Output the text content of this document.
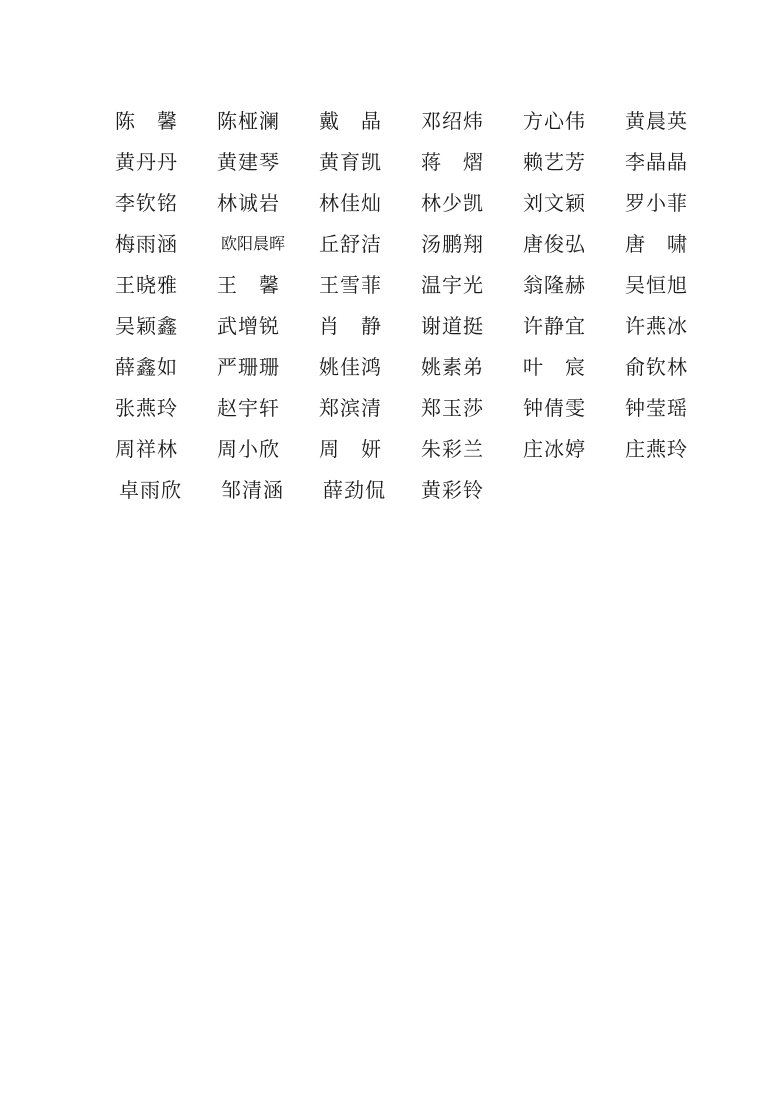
陈　馨	陈桠澜	戴　晶	邓绍炜	方心伟	黄晨英
黄丹丹	黄建琴	黄育凯	蒋　熠	赖艺芳	李晶晶
李钦铭	林诚岩	林佳灿	林少凯	刘文颖	罗小菲
梅雨涵	欧阳晨晖	丘舒洁	汤鹏翔	唐俊弘	唐　啸
王晓雅	王　馨	王雪菲	温宇光	翁隆赫	吴恒旭
吴颖鑫	武增锐	肖　静	谢道挺	许静宜	许燕冰
薛鑫如	严珊珊	姚佳鸿	姚素弟	叶　宸	俞钦林
张燕玲	赵宇轩	郑滨清	郑玉莎	钟倩雯	钟莹瑶
周祥林	周小欣	周　妍	朱彩兰	庄冰婷	庄燕玲
卓雨欣	邹清涵	薛劲侃	黄彩铃
